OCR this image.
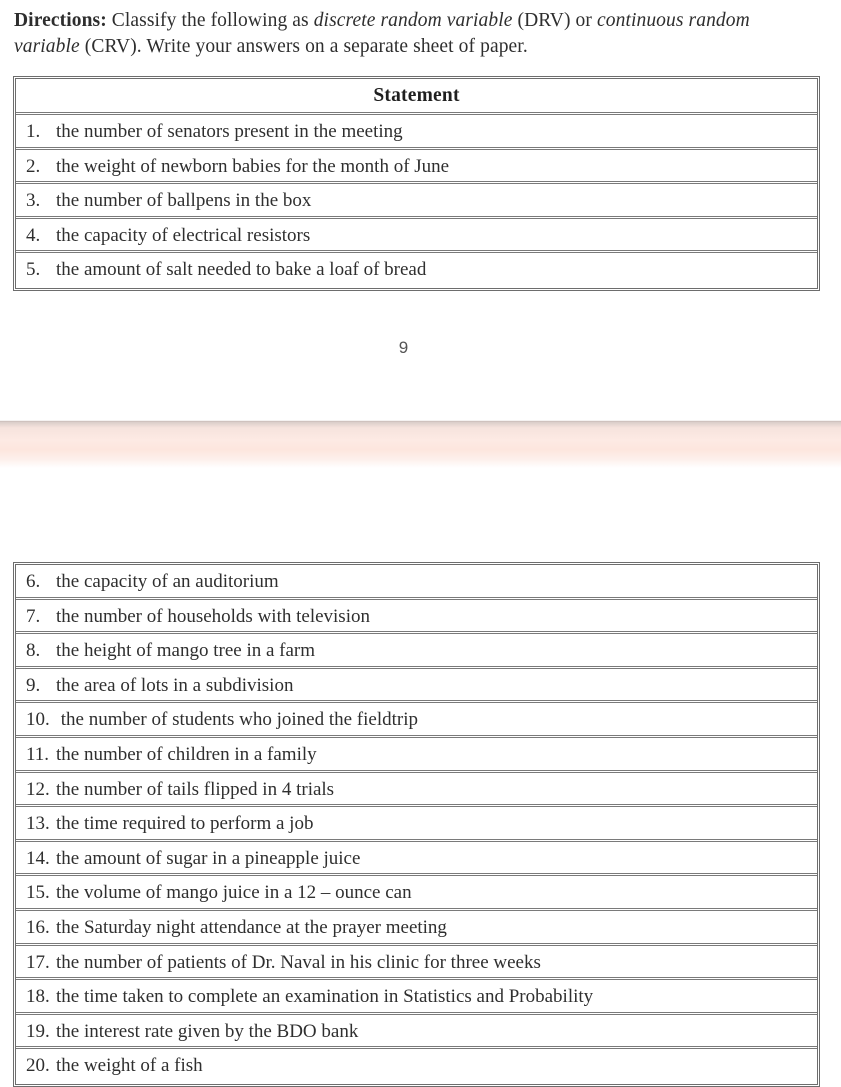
Directions: Classify the following as discrete random variable (DRV) or continuous random variable (CRV). Write your answers on a separate sheet of paper.
Statement
1. the number of senators present in the meeting
2. the weight of newborn babies for the month of June
3. the number of ballpens in the box
4. the capacity of electrical resistors
5. the amount of salt needed to bake a loaf of bread
9
6. the capacity of an auditorium
7. the number of households with television
8. the height of mango tree in a farm
9. the area of lots in a subdivision
10. the number of students who joined the fieldtrip
11. the number of children in a family
12. the number of tails flipped in 4 trials
13. the time required to perform a job
14. the amount of sugar in a pineapple juice
15. the volume of mango juice in a 12 – ounce can
16. the Saturday night attendance at the prayer meeting
17. the number of patients of Dr. Naval in his clinic for three weeks
18. the time taken to complete an examination in Statistics and Probability
19. the interest rate given by the BDO bank
20. the weight of a fish
